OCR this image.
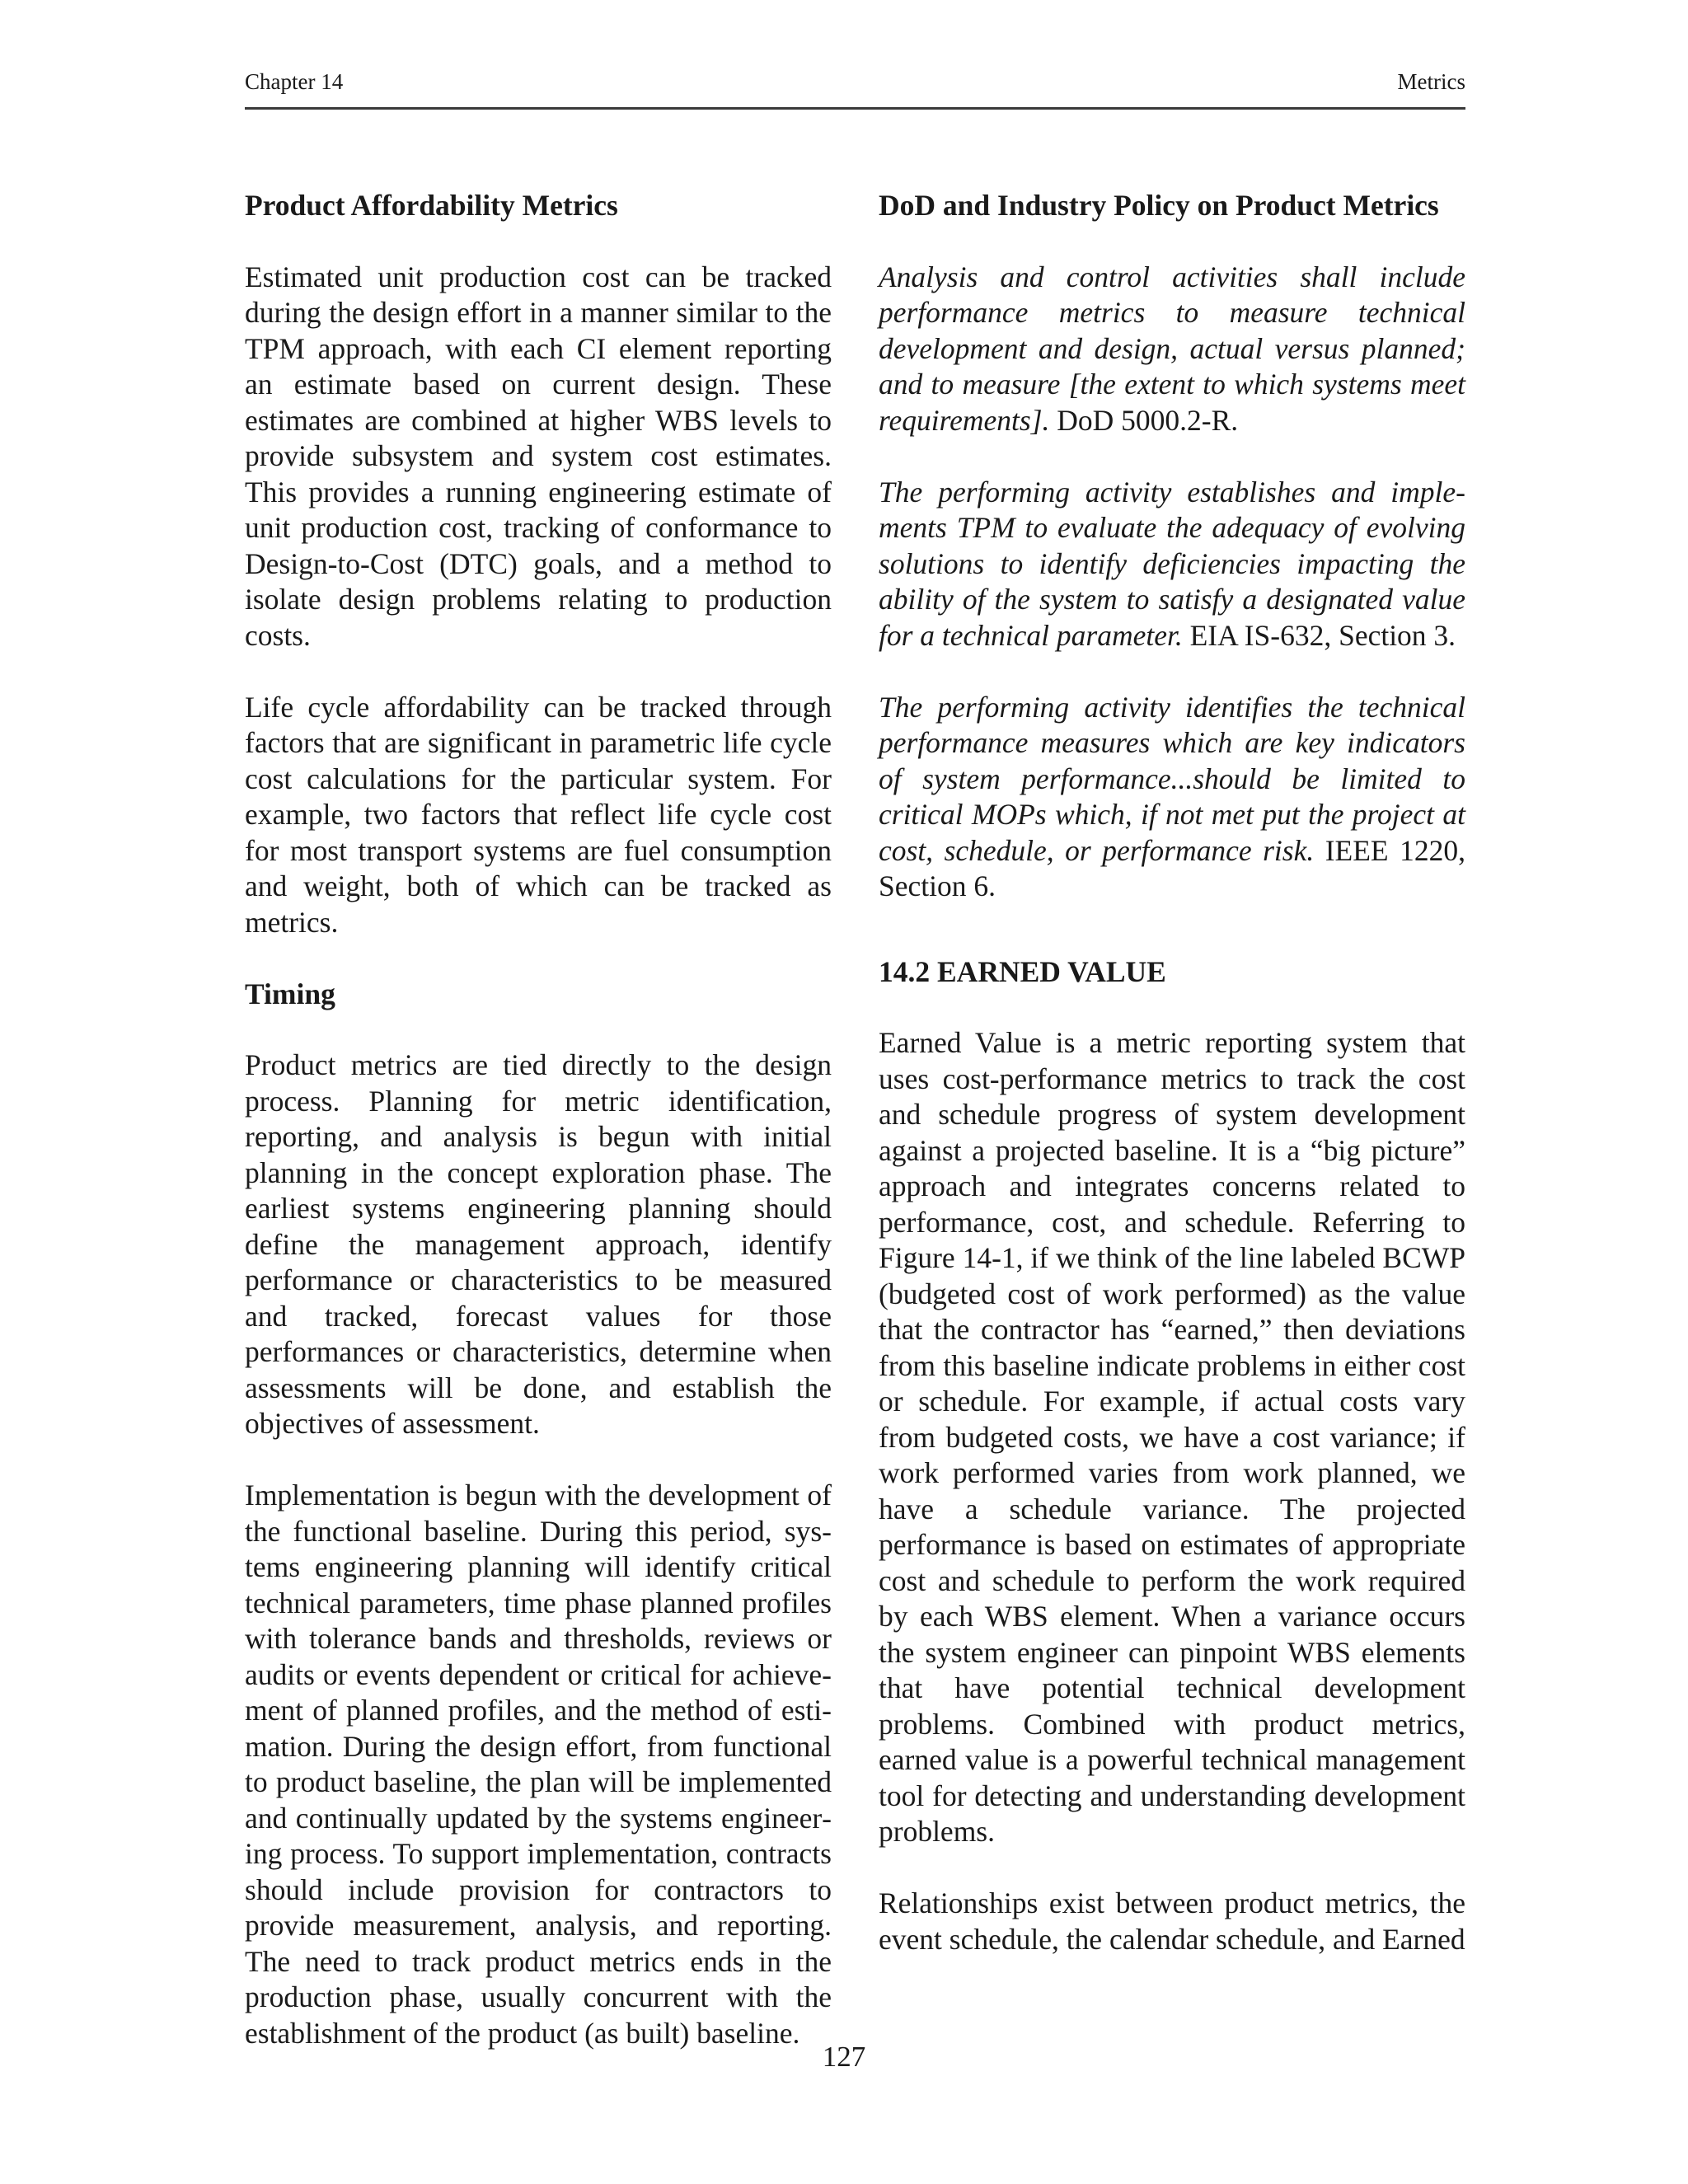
Chapter 14	Metrics
Product Affordability Metrics

Estimated unit production cost can be tracked during the design effort in a manner similar to the TPM approach, with each CI element reporting an estimate based on current design. These estimates are combined at higher WBS levels to provide subsystem and system cost estimates. This provides a running engineering estimate of unit production cost, tracking of conformance to Design-to-Cost (DTC) goals, and a method to isolate design problems relating to production costs.

Life cycle affordability can be tracked through factors that are significant in parametric life cycle cost calculations for the particular system. For example, two factors that reflect life cycle cost for most transport systems are fuel consumption and weight, both of which can be tracked as metrics.

Timing

Product metrics are tied directly to the design process. Planning for metric identification, reporting, and analysis is begun with initial planning in the concept exploration phase. The earliest systems engineering planning should define the management approach, identify performance or characteristics to be measured and tracked, forecast values for those performances or characteristics, determine when assessments will be done, and establish the objectives of assessment.

Implementation is begun with the development of the functional baseline. During this period, systems engineering planning will identify critical technical parameters, time phase planned profiles with tolerance bands and thresholds, reviews or audits or events dependent or critical for achievement of planned profiles, and the method of estimation. During the design effort, from functional to product baseline, the plan will be implemented and continually updated by the systems engineering process. To support implementation, contracts should include provision for contractors to provide measurement, analysis, and reporting. The need to track product metrics ends in the production phase, usually concurrent with the establishment of the product (as built) baseline.

DoD and Industry Policy on Product Metrics

Analysis and control activities shall include performance metrics to measure technical development and design, actual versus planned; and to measure [the extent to which systems meet requirements]. DoD 5000.2-R.

The performing activity establishes and implements TPM to evaluate the adequacy of evolving solutions to identify deficiencies impacting the ability of the system to satisfy a designated value for a technical parameter. EIA IS-632, Section 3.

The performing activity identifies the technical performance measures which are key indicators of system performance...should be limited to critical MOPs which, if not met put the project at cost, schedule, or performance risk. IEEE 1220, Section 6.

14.2 EARNED VALUE

Earned Value is a metric reporting system that uses cost-performance metrics to track the cost and schedule progress of system development against a projected baseline. It is a “big picture” approach and integrates concerns related to performance, cost, and schedule. Referring to Figure 14-1, if we think of the line labeled BCWP (budgeted cost of work performed) as the value that the contractor has “earned,” then deviations from this baseline indicate problems in either cost or schedule. For example, if actual costs vary from budgeted costs, we have a cost variance; if work performed varies from work planned, we have a schedule variance. The projected performance is based on estimates of appropriate cost and schedule to perform the work required by each WBS element. When a variance occurs the system engineer can pinpoint WBS elements that have potential technical development problems. Combined with product metrics, earned value is a powerful technical management tool for detecting and understanding development problems.

Relationships exist between product metrics, the event schedule, the calendar schedule, and Earned

127
